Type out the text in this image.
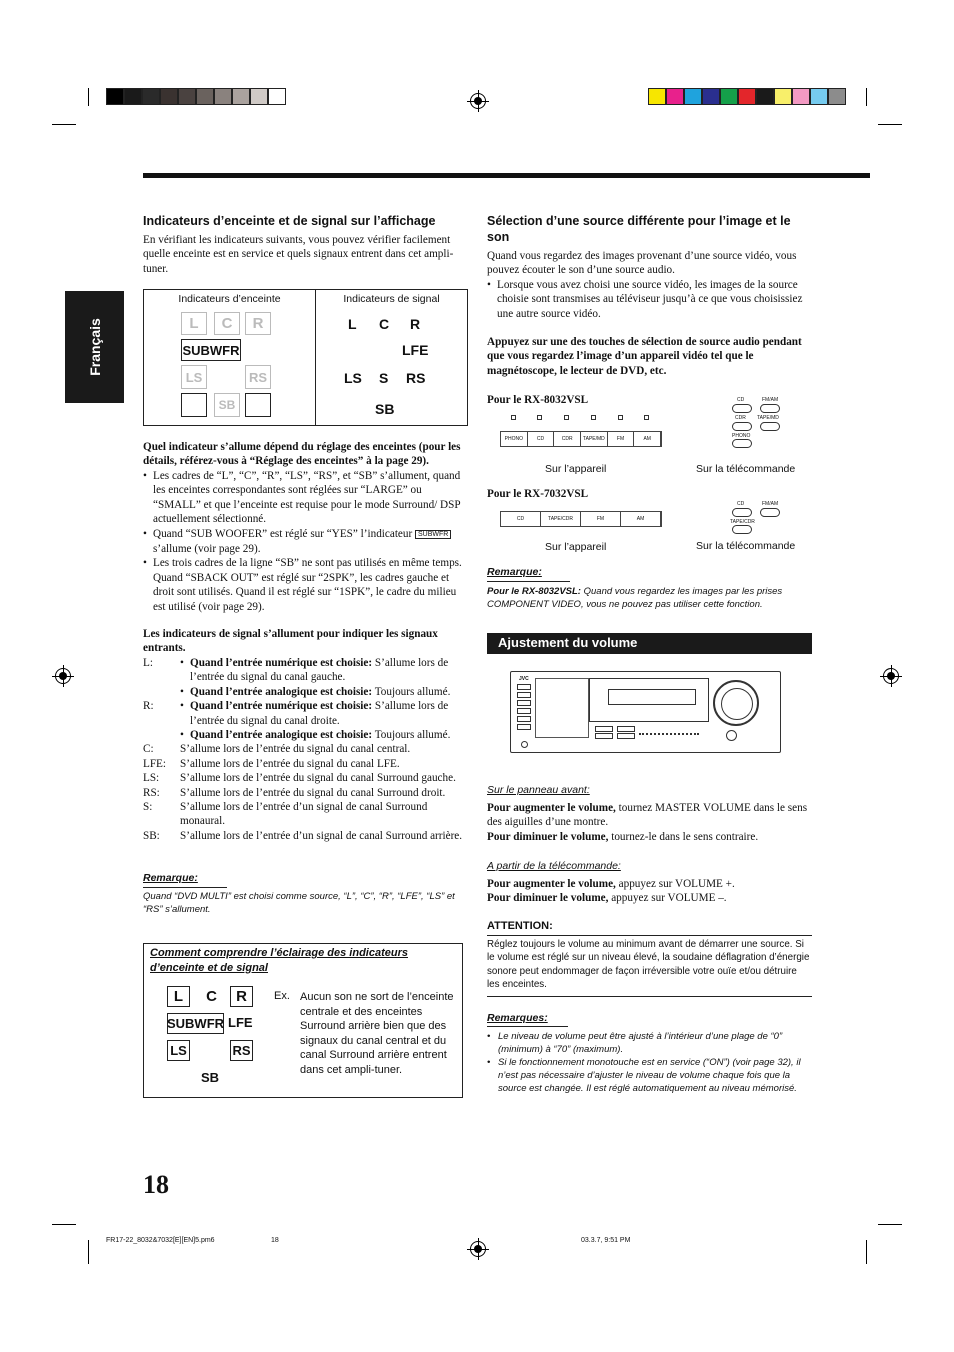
Français
Indicateurs d’enceinte et de signal sur l’affichage

En vérifiant les indicateurs suivants, vous pouvez vérifier facilement quelle enceinte est en service et quels signaux entrent dans cet ampli-tuner.

Indicateurs d’enceinte	Indicateurs de signal
L	C	R
SUBWFR
LS	RS
SB
L C R
LFE
LS S RS
SB

Quel indicateur s’allume dépend du réglage des enceintes (pour les détails, référez-vous à “Réglage des enceintes” à la page 29).

• Les cadres de “L”, “C”, “R”, “LS”, “RS”, et “SB” s’allument, quand les enceintes correspondantes sont réglées sur “LARGE” ou “SMALL” et que l’enceinte est requise pour le mode Surround/ DSP actuellement sélectionné.

• Quand “SUB WOOFER” est réglé sur “YES” l’indicateur SUBWFR
s’allume (voir page 29).

• Les trois cadres de la ligne “SB” ne sont pas utilisés en même temps. Quand “SBACK OUT” est réglé sur “2SPK”, les cadres gauche et droit sont utilisés. Quand il est réglé sur “1SPK”, le cadre du milieu est utilisé (voir page 29).

Les indicateurs de signal s’allument pour indiquer les signaux entrants.

L:	• Quand l’entrée numérique est choisie: S’allume lors de l’entrée du signal du canal gauche.
• Quand l’entrée analogique est choisie: Toujours allumé.
R:	• Quand l’entrée numérique est choisie: S’allume lors de l’entrée du signal du canal droite.
• Quand l’entrée analogique est choisie: Toujours allumé.
C:	S’allume lors de l’entrée du signal du canal central.
LFE:	S’allume lors de l’entrée du signal du canal LFE.
LS:	S’allume lors de l’entrée du signal du canal Surround gauche.
RS:	S’allume lors de l’entrée du signal du canal Surround droit.
S:	S’allume lors de l’entrée d’un signal de canal Surround monaural.
SB:	S’allume lors de l’entrée d’un signal de canal Surround arrière.
Remarque:

Quand “DVD MULTI” est choisi comme source, “L”, “C”, “R”, “LFE”, “LS” et “RS” s’allument.

Comment comprendre l’éclairage des indicateurs d’enceinte et de signal
L	C	R
SUBWFR LFE
LS	RS
SB
Ex. Aucun son ne sort de l’enceinte centrale et des enceintes Surround arrière bien que des signaux du canal central et du canal Surround arrière entrent dans cet ampli-tuner.
18
Sélection d’une source différente pour l’image et le son

Quand vous regardez des images provenant d’une source vidéo, vous pouvez écouter le son d’une source audio.

• Lorsque vous avez choisi une source vidéo, les images de la source choisie sont transmises au téléviseur jusqu’à ce que vous choisissiez une autre source vidéo.

Appuyez sur une des touches de sélection de source audio pendant que vous regardez l’image d’un appareil vidéo tel que le magnétoscope, le lecteur de DVD, etc.

Pour le RX-8032VSL

PHONO	CD	CDR	TAPE/MD	FM	AM
CD	FM/AM
CDR TAPE/MD
PHONO
Sur l’appareil	Sur la télécommande

Pour le RX-7032VSL

CD	TAPE/CDR	FM	AM
CD	FM/AM
TAPE/CDR
Sur l’appareil	Sur la télécommande
Remarque:

Pour le RX-8032VSL: Quand vous regardez les images par les prises COMPONENT VIDEO, vous ne pouvez pas utiliser cette fonction.

Ajustement du volume
JVC
Sur le panneau avant:

Pour augmenter le volume, tournez MASTER VOLUME dans le sens des aiguilles d’une montre.
Pour diminuer le volume, tournez-le dans le sens contraire.

A partir de la télécommande:

Pour augmenter le volume, appuyez sur VOLUME +.
Pour diminuer le volume, appuyez sur VOLUME –.

ATTENTION:

Réglez toujours le volume au minimum avant de démarrer une source. Si le volume est réglé sur un niveau élevé, la soudaine déflagration d’énergie sonore peut endommager de façon irréversible votre ouïe et/ou détruire les enceintes.

Remarques:

• Le niveau de volume peut être ajusté à l’intérieur d’une plage de “0” (minimum) à “70” (maximum).

• Si le fonctionnement monotouche est en service (“ON”) (voir page 32), il n’est pas nécessaire d’ajuster le niveau de volume chaque fois que la source est changée. Il est réglé automatiquement au niveau mémorisé.

FR17-22_8032&7032[E][EN]5.pm6	18	03.3.7, 9:51 PM
